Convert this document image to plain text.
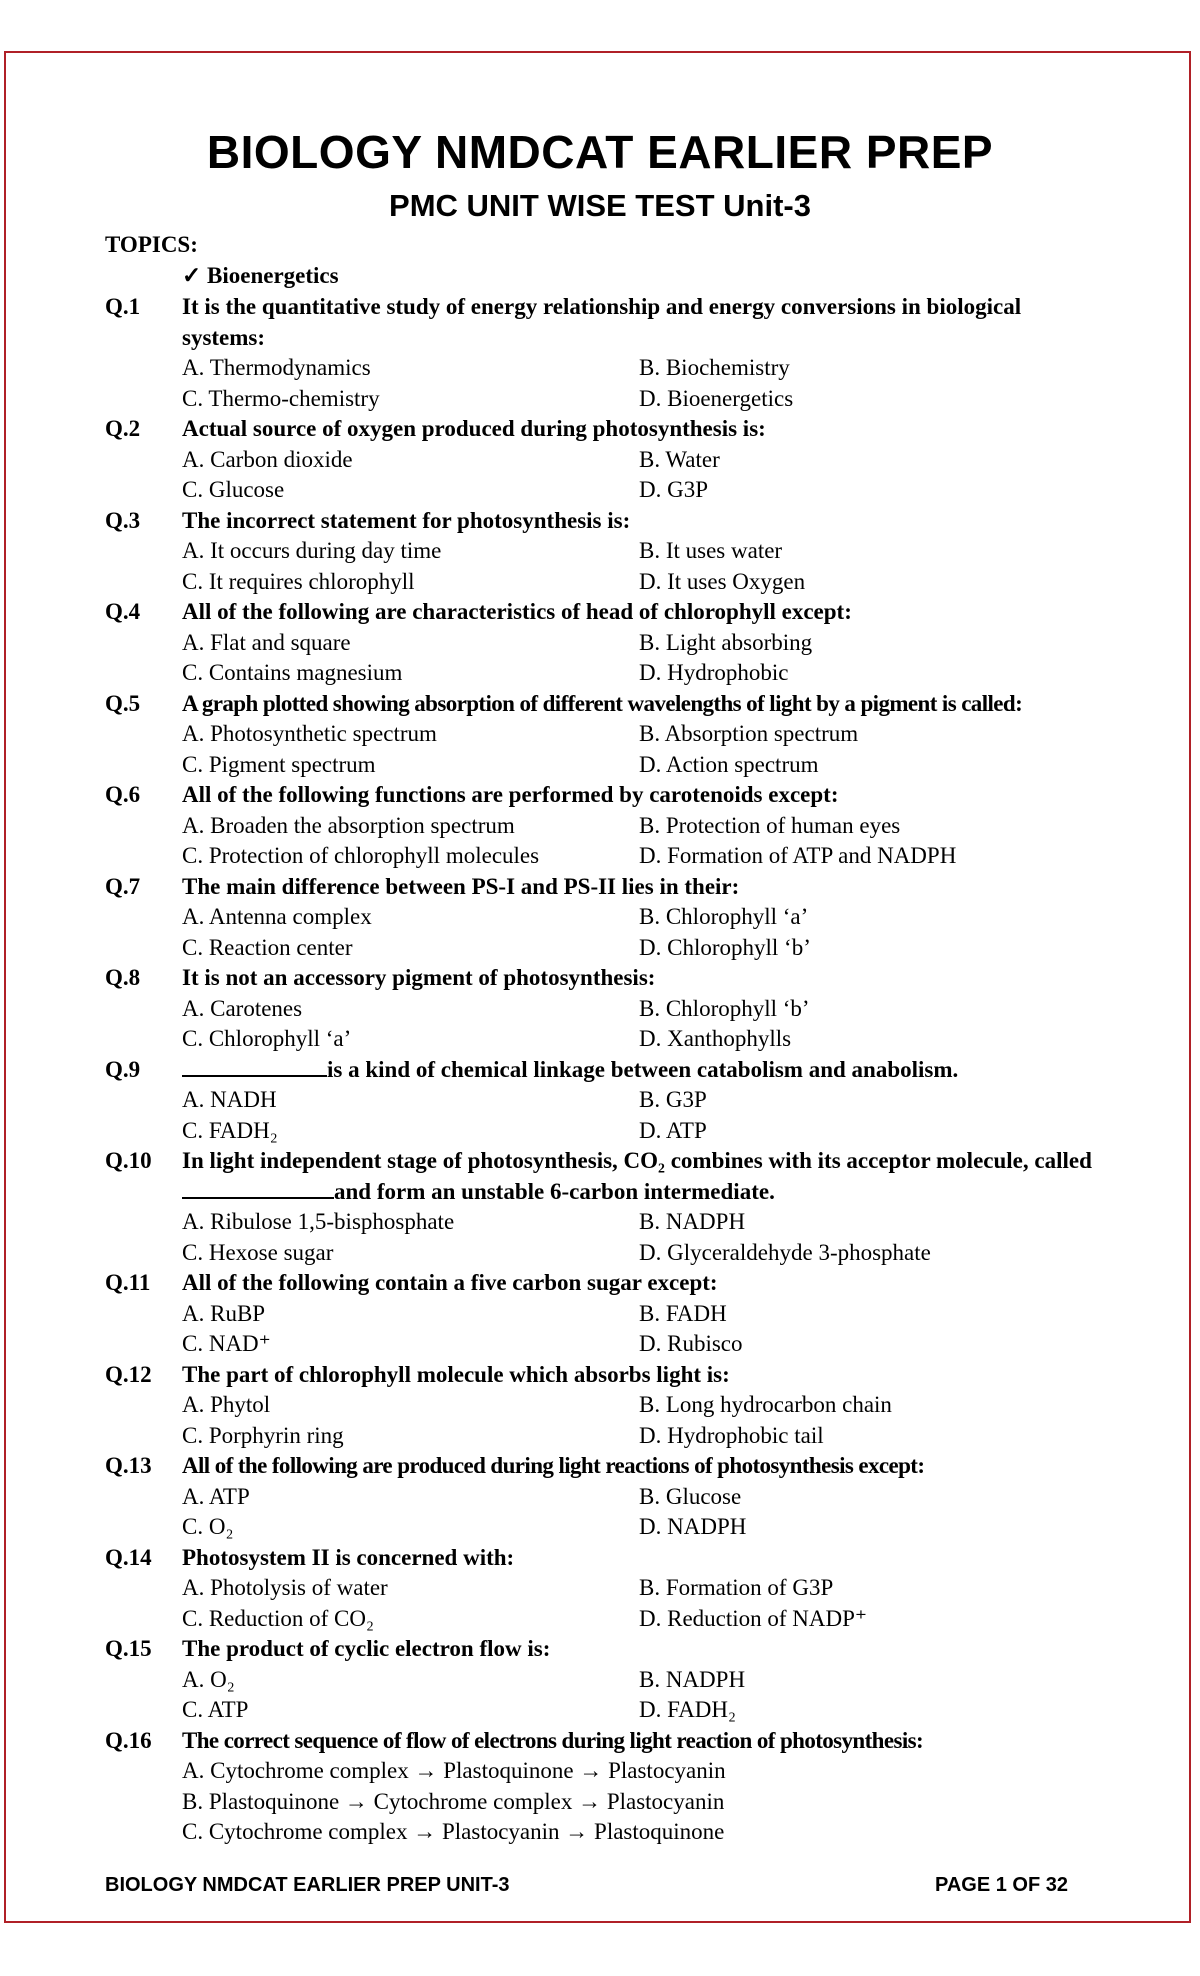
BIOLOGY NMDCAT EARLIER PREP
PMC UNIT WISE TEST Unit-3
TOPICS:
✓ Bioenergetics
Q.1	It is the quantitative study of energy relationship and energy conversions in biological systems:
A. Thermodynamics	B. Biochemistry
C. Thermo-chemistry	D. Bioenergetics
Q.2	Actual source of oxygen produced during photosynthesis is:
A. Carbon dioxide	B. Water
C. Glucose	D. G3P
Q.3	The incorrect statement for photosynthesis is:
A. It occurs during day time	B. It uses water
C. It requires chlorophyll	D. It uses Oxygen
Q.4	All of the following are characteristics of head of chlorophyll except:
A. Flat and square	B. Light absorbing
C. Contains magnesium	D. Hydrophobic
Q.5	A graph plotted showing absorption of different wavelengths of light by a pigment is called:
A. Photosynthetic spectrum	B. Absorption spectrum
C. Pigment spectrum	D. Action spectrum
Q.6	All of the following functions are performed by carotenoids except:
A. Broaden the absorption spectrum	B. Protection of human eyes
C. Protection of chlorophyll molecules	D. Formation of ATP and NADPH
Q.7	The main difference between PS-I and PS-II lies in their:
A. Antenna complex	B. Chlorophyll ‘a’
C. Reaction center	D. Chlorophyll ‘b’
Q.8	It is not an accessory pigment of photosynthesis:
A. Carotenes	B. Chlorophyll ‘b’
C. Chlorophyll ‘a’	D. Xanthophylls
Q.9	is a kind of chemical linkage between catabolism and anabolism.
A. NADH	B. G3P
C. FADH₂	D. ATP
Q.10	In light independent stage of photosynthesis, CO₂ combines with its acceptor molecule, calledand form an unstable 6-carbon intermediate.
A. Ribulose 1,5-bisphosphate	B. NADPH
C. Hexose sugar	D. Glyceraldehyde 3-phosphate
Q.11	All of the following contain a five carbon sugar except:
A. RuBP	B. FADH
C. NAD⁺	D. Rubisco
Q.12	The part of chlorophyll molecule which absorbs light is:
A. Phytol	B. Long hydrocarbon chain
C. Porphyrin ring	D. Hydrophobic tail
Q.13	All of the following are produced during light reactions of photosynthesis except:
A. ATP	B. Glucose
C. O₂	D. NADPH
Q.14	Photosystem II is concerned with:
A. Photolysis of water	B. Formation of G3P
C. Reduction of CO₂	D. Reduction of NADP⁺
Q.15	The product of cyclic electron flow is:
A. O₂	B. NADPH
C. ATP	D. FADH₂
Q.16	The correct sequence of flow of electrons during light reaction of photosynthesis:
A. Cytochrome complex → Plastoquinone → Plastocyanin
B. Plastoquinone → Cytochrome complex → Plastocyanin
C. Cytochrome complex → Plastocyanin → Plastoquinone
BIOLOGY NMDCAT EARLIER PREP UNIT-3	PAGE 1 OF 32
